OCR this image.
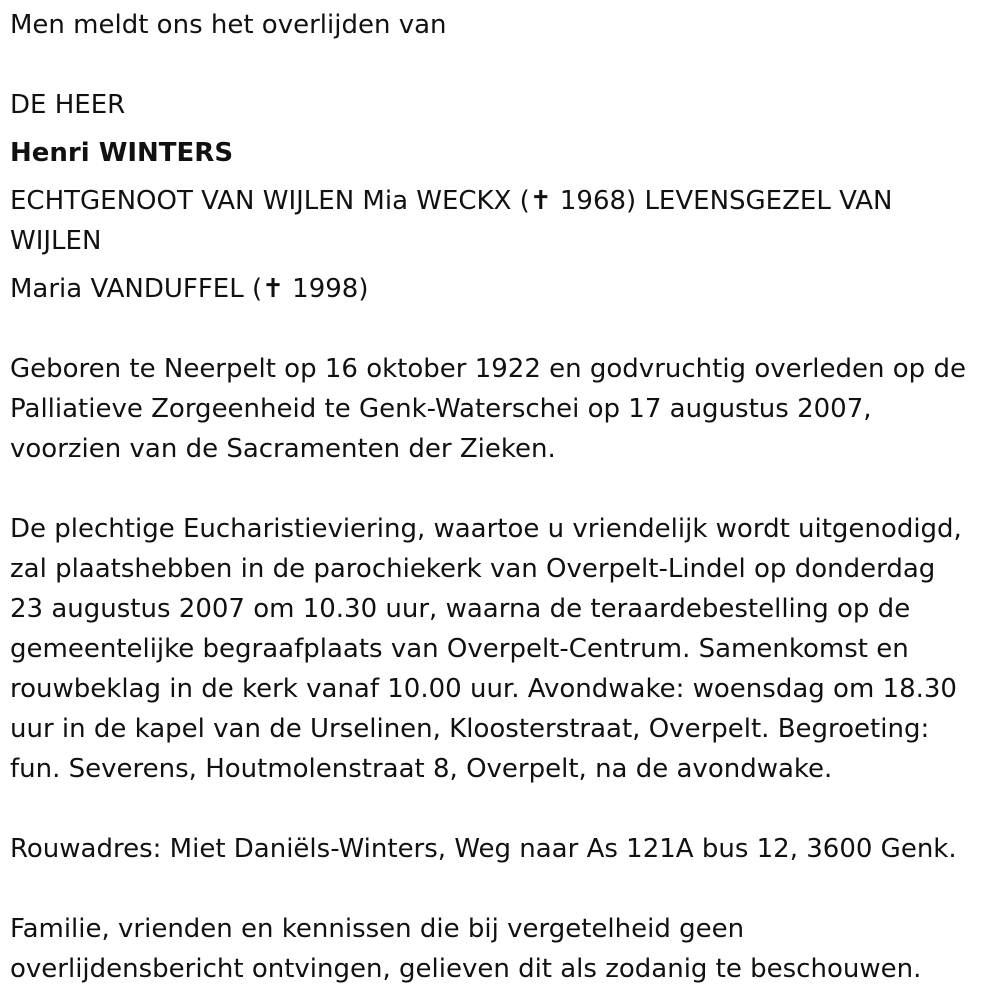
Men meldt ons het overlijden van
DE HEER
Henri WINTERS
ECHTGENOOT VAN WIJLEN Mia WECKX (✝ 1968) LEVENSGEZEL VAN
WIJLEN
Maria VANDUFFEL (✝ 1998)

Geboren te Neerpelt op 16 oktober 1922 en godvruchtig overleden op de

Palliatieve Zorgeenheid te Genk-Waterschei op 17 augustus 2007,

voorzien van de Sacramenten der Zieken.

De plechtige Eucharistieviering, waartoe u vriendelijk wordt uitgenodigd,

zal plaatshebben in de parochiekerk van Overpelt-Lindel op donderdag

23 augustus 2007 om 10.30 uur, waarna de teraardebestelling op de

gemeentelijke begraafplaats van Overpelt-Centrum. Samenkomst en

rouwbeklag in de kerk vanaf 10.00 uur. Avondwake: woensdag om 18.30

uur in de kapel van de Urselinen, Kloosterstraat, Overpelt. Begroeting:

fun. Severens, Houtmolenstraat 8, Overpelt, na de avondwake.

Rouwadres: Miet Daniëls-Winters, Weg naar As 121A bus 12, 3600 Genk.

Familie, vrienden en kennissen die bij vergetelheid geen

overlijdensbericht ontvingen, gelieven dit als zodanig te beschouwen.
